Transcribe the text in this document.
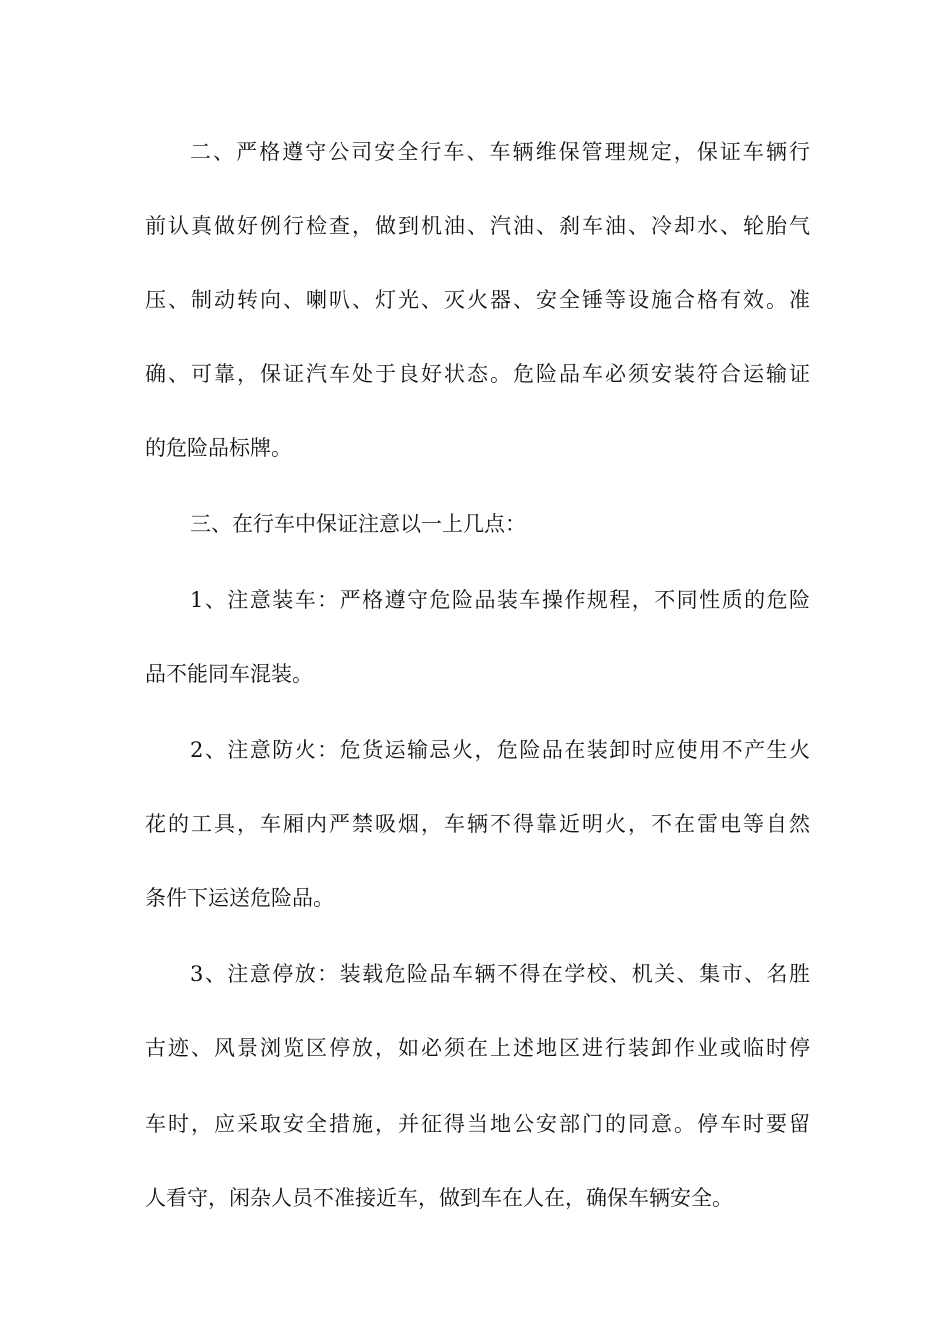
二、严格遵守公司安全行车、车辆维保管理规定，保证车辆行

前认真做好例行检查，做到机油、汽油、刹车油、冷却水、轮胎气

压、制动转向、喇叭、灯光、灭火器、安全锤等设施合格有效。准

确、可靠，保证汽车处于良好状态。危险品车必须安装符合运输证

的危险品标牌。

三、在行车中保证注意以一上几点：

1、注意装车：严格遵守危险品装车操作规程，不同性质的危险

品不能同车混装。

2、注意防火：危货运输忌火，危险品在装卸时应使用不产生火

花的工具，车厢内严禁吸烟，车辆不得靠近明火，不在雷电等自然

条件下运送危险品。

3、注意停放：装载危险品车辆不得在学校、机关、集市、名胜

古迹、风景浏览区停放，如必须在上述地区进行装卸作业或临时停

车时，应采取安全措施，并征得当地公安部门的同意。停车时要留

人看守，闲杂人员不准接近车，做到车在人在，确保车辆安全。
